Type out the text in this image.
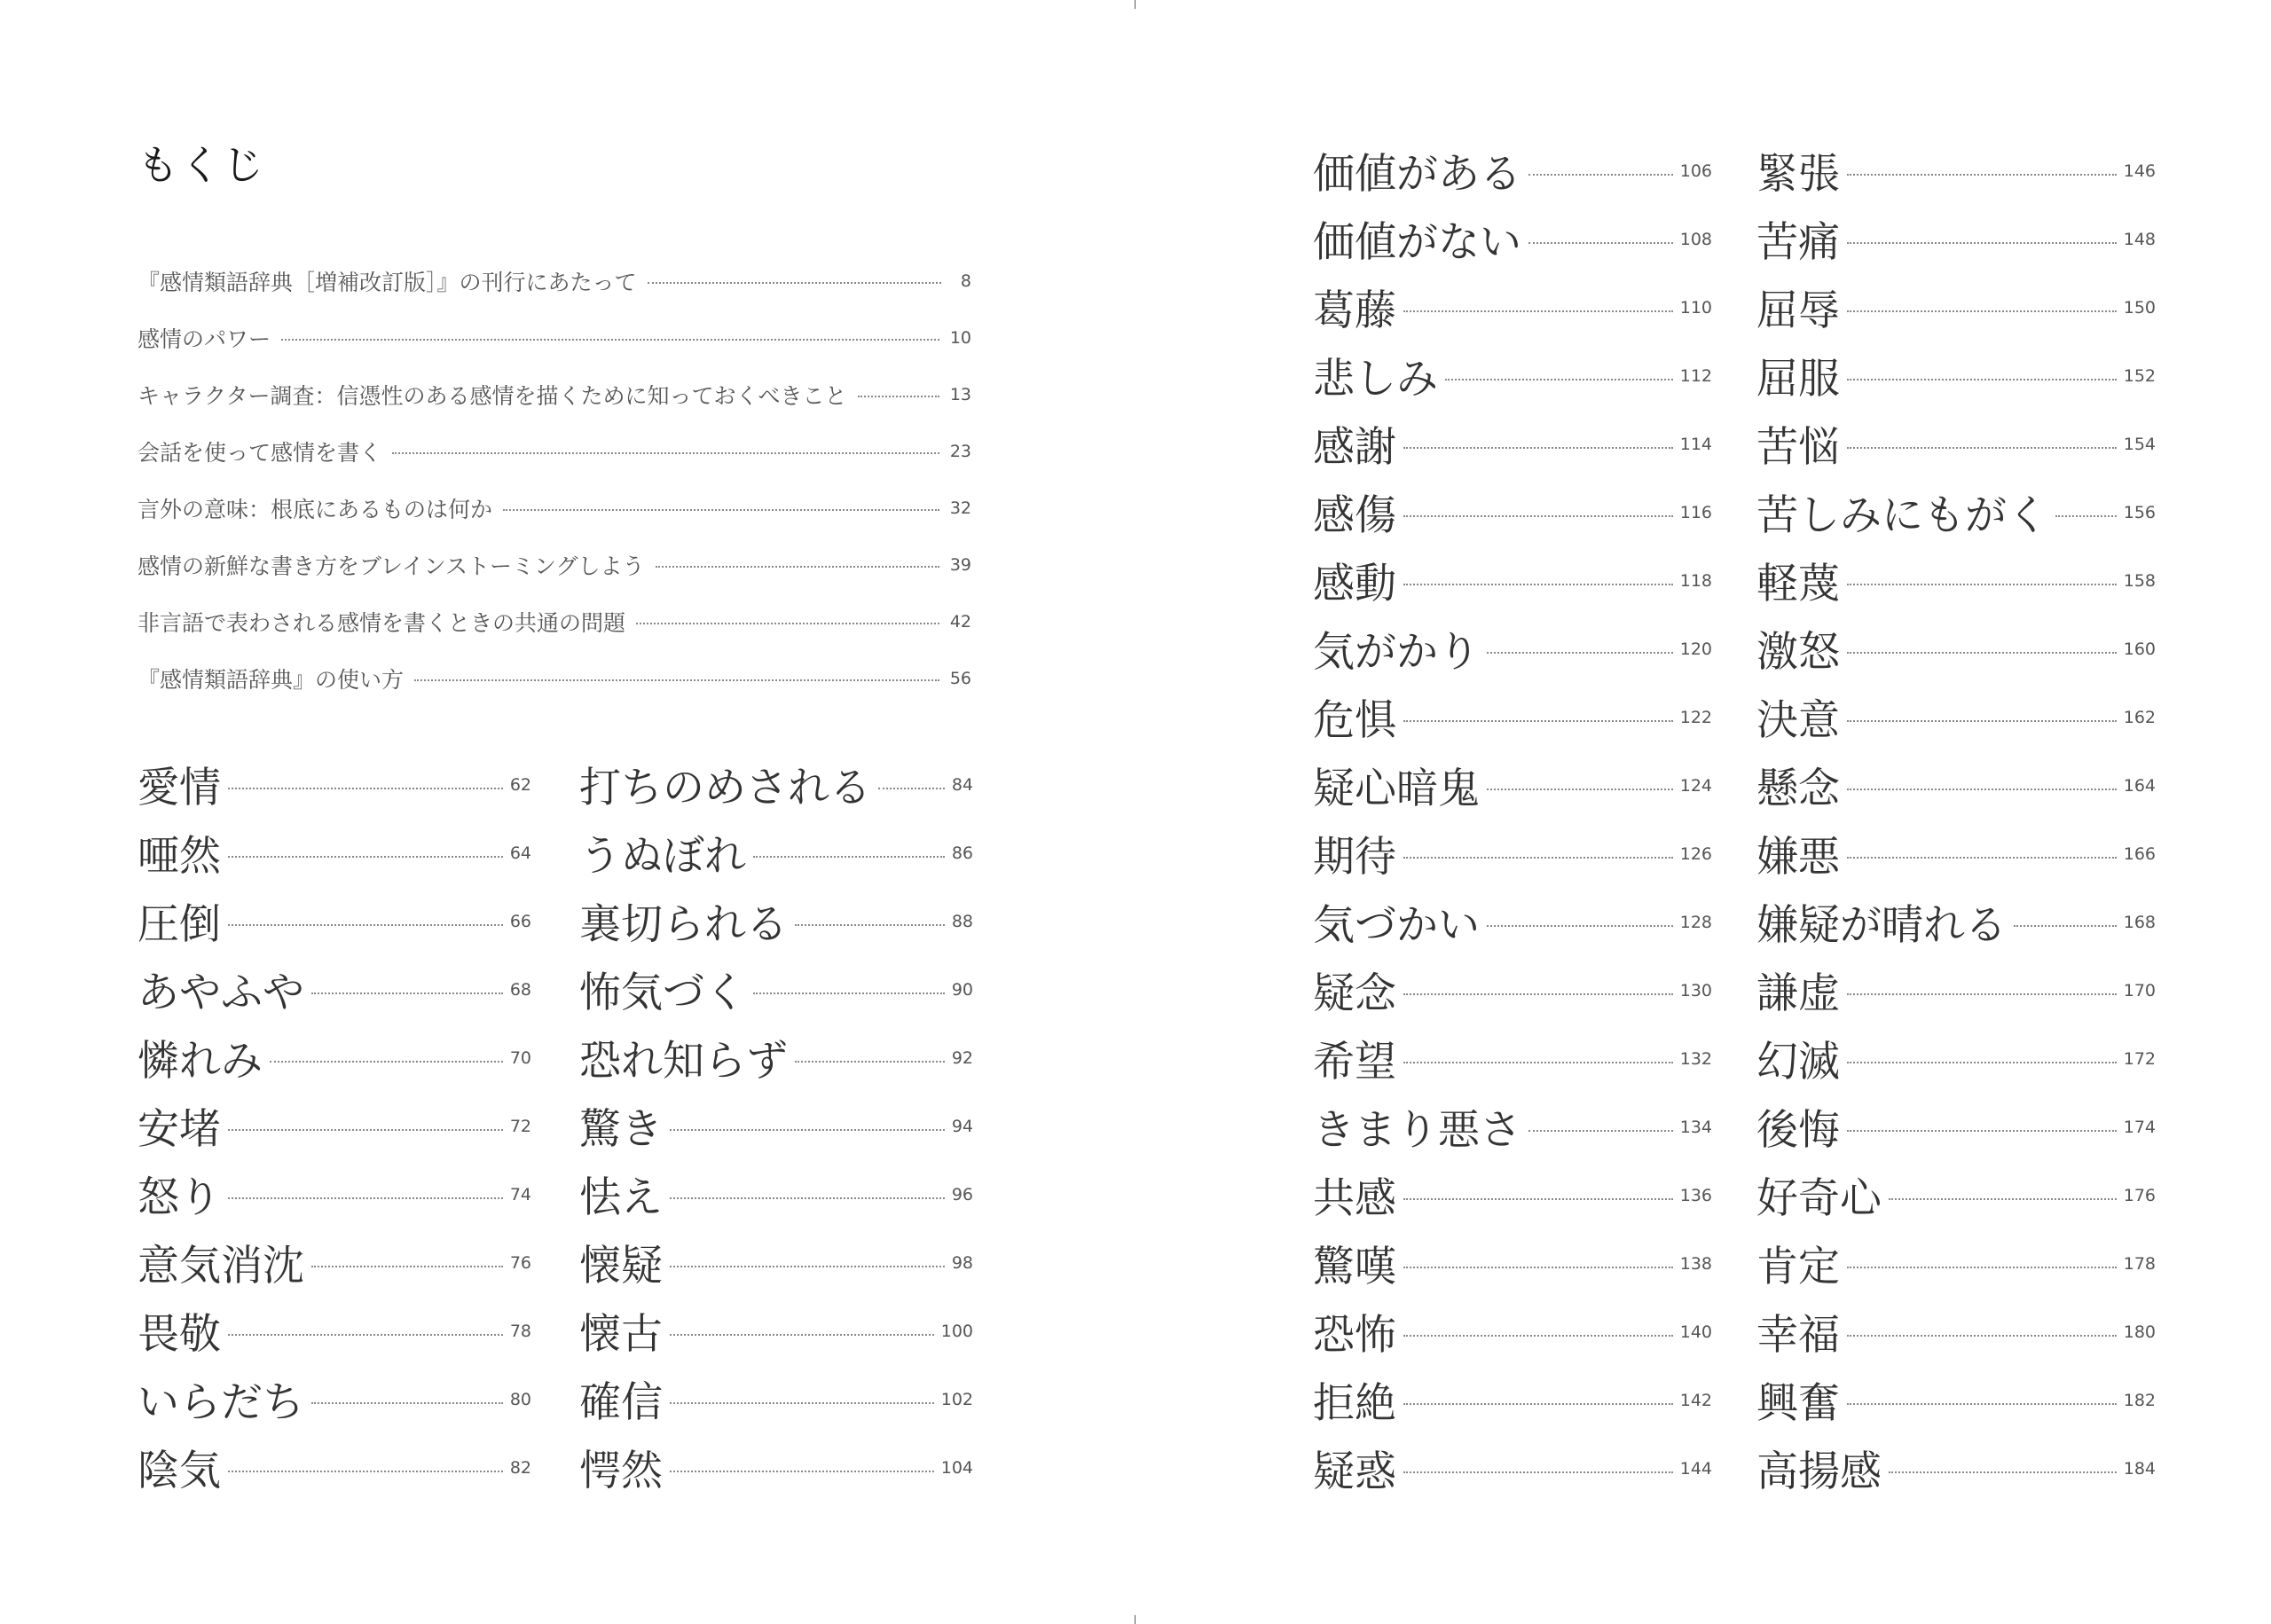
もくじ
『感情類語辞典［増補改訂版］』の刊行にあたって	8
感情のパワー	10
キャラクター調査：信憑性のある感情を描くために知っておくべきこと	13
会話を使って感情を書く	23
言外の意味：根底にあるものは何か	32
感情の新鮮な書き方をブレインストーミングしよう	39
非言語で表わされる感情を書くときの共通の問題	42
『感情類語辞典』の使い方	56
愛情	62
唖然	64
圧倒	66
あやふや	68
憐れみ	70
安堵	72
怒り	74
意気消沈	76
畏敬	78
いらだち	80
陰気	82
打ちのめされる	84
うぬぼれ	86
裏切られる	88
怖気づく	90
恐れ知らず	92
驚き	94
怯え	96
懐疑	98
懐古	100
確信	102
愕然	104
価値がある	106
価値がない	108
葛藤	110
悲しみ	112
感謝	114
感傷	116
感動	118
気がかり	120
危惧	122
疑心暗鬼	124
期待	126
気づかい	128
疑念	130
希望	132
きまり悪さ	134
共感	136
驚嘆	138
恐怖	140
拒絶	142
疑惑	144
緊張	146
苦痛	148
屈辱	150
屈服	152
苦悩	154
苦しみにもがく	156
軽蔑	158
激怒	160
決意	162
懸念	164
嫌悪	166
嫌疑が晴れる	168
謙虚	170
幻滅	172
後悔	174
好奇心	176
肯定	178
幸福	180
興奮	182
高揚感	184
